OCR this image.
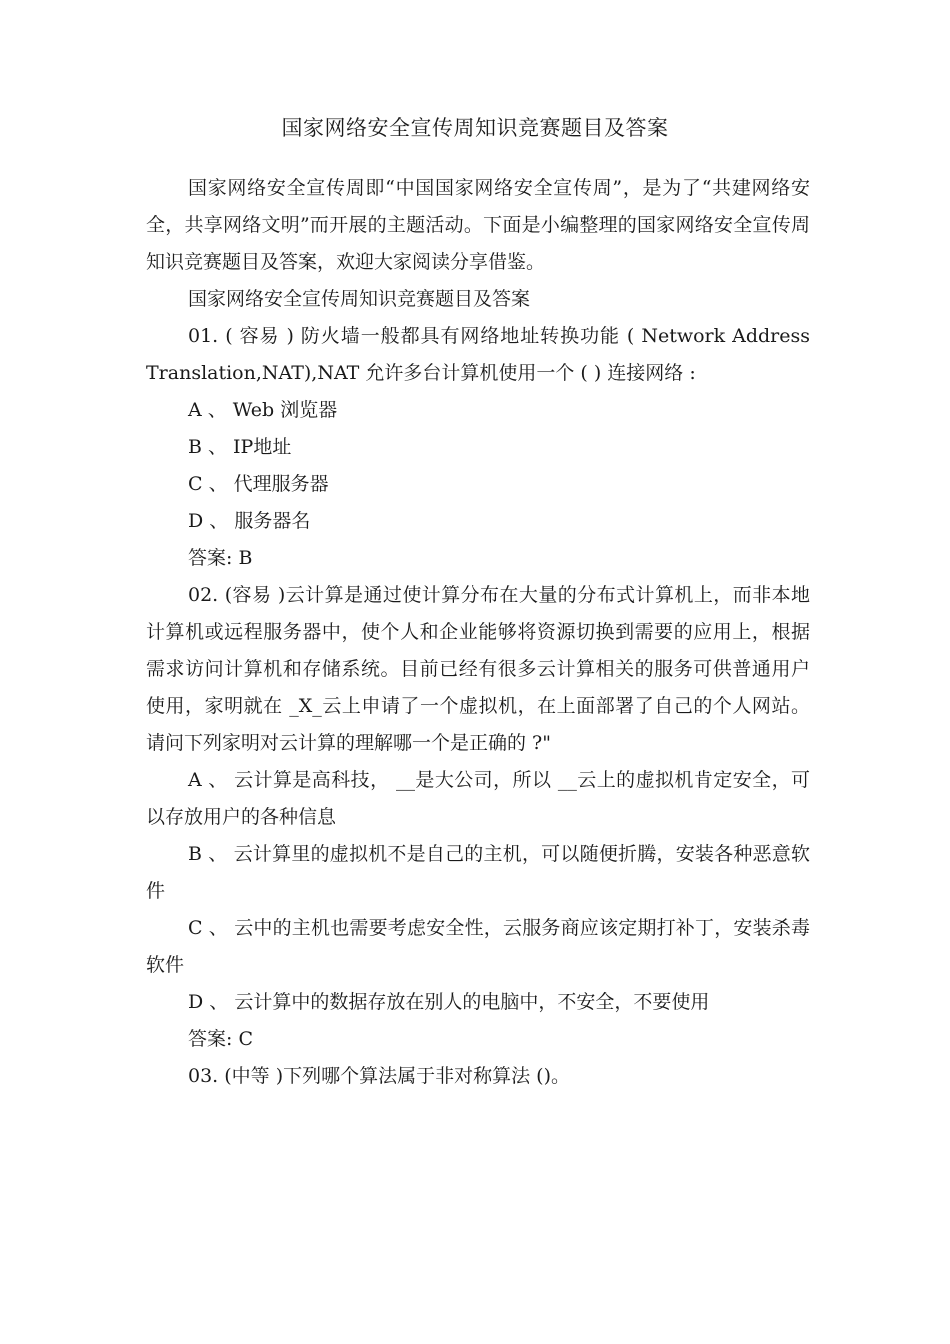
国家网络安全宣传周知识竞赛题目及答案

国家网络安全宣传周即“中国国家网络安全宣传周”，是为了“共建网络安全，共享网络文明”而开展的主题活动。下面是小编整理的国家网络安全宣传周知识竞赛题目及答案，欢迎大家阅读分享借鉴。

国家网络安全宣传周知识竞赛题目及答案

01. ( 容易 ) 防火墙一般都具有网络地址转换功能 ( Network Address Translation,NAT),NAT 允许多台计算机使用一个 ( ) 连接网络 :

A 、 Web 浏览器

B 、 IP地址

C 、 代理服务器

D 、 服务器名

答案: B

02. (容易 )云计算是通过使计算分布在大量的分布式计算机上，而非本地计算机或远程服务器中，使个人和企业能够将资源切换到需要的应用上，根据需求访问计算机和存储系统。目前已经有很多云计算相关的服务可供普通用户使用，家明就在 _X_云上申请了一个虚拟机，在上面部署了自己的个人网站。请问下列家明对云计算的理解哪一个是正确的 ?"

A 、 云计算是高科技， __是大公司，所以 __云上的虚拟机肯定安全，可以存放用户的各种信息

B 、 云计算里的虚拟机不是自己的主机，可以随便折腾，安装各种恶意软件

C 、 云中的主机也需要考虑安全性，云服务商应该定期打补丁，安装杀毒软件

D 、 云计算中的数据存放在别人的电脑中，不安全，不要使用

答案: C

03. (中等 )下列哪个算法属于非对称算法 ()。
